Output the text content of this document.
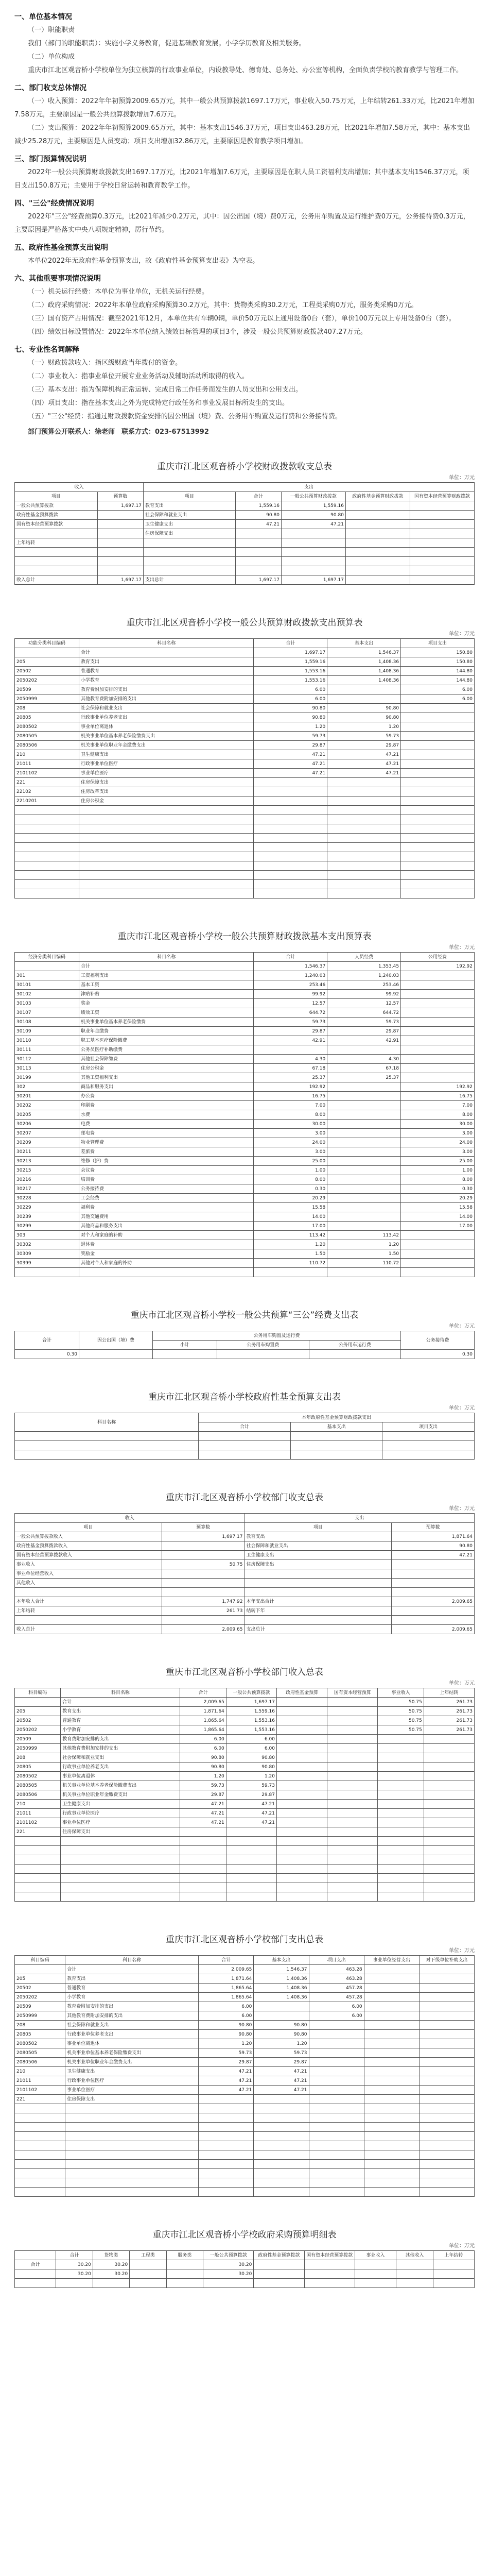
一、单位基本情况

（一）职能职责

我们（部门的职能职责）：实施小学义务教育，促进基础教育发展。小学学历教育及相关服务。

（二）单位构成

重庆市江北区观音桥小学校单位为独立核算的行政事业单位，内设教导处、德育处、总务处、办公室等机构，全面负责学校的教育教学与管理工作。

二、部门收支总体情况

（一）收入预算：2022年年初预算2009.65万元，其中一般公共预算拨款1697.17万元，事业收入50.75万元，上年结转261.33万元，比2021年增加7.58万元，主要原因是一般公共预算拨款增加7.6万元。

（二）支出预算：2022年年初预算2009.65万元，其中：基本支出1546.37万元，项目支出463.28万元，比2021年增加7.58万元，其中：基本支出减少25.28万元，主要原因是人员变动；项目支出增加32.86万元，主要原因是教育教学项目增加。

三、部门预算情况说明

2022年一般公共预算财政拨款支出1697.17万元，比2021年增加7.6万元，主要原因是在职人员工资福利支出增加；其中基本支出1546.37万元，项目支出150.8万元；主要用于学校日常运转和教育教学工作。

四、"三公"经费情况说明

2022年"三公"经费预算0.3万元，比2021年减少0.2万元，其中：因公出国（境）费0万元，公务用车购置及运行维护费0万元，公务接待费0.3万元，主要原因是严格落实中央八项规定精神，厉行节约。

五、政府性基金预算支出说明

本单位2022年无政府性基金预算支出，故《政府性基金预算支出表》为空表。

六、其他重要事项情况说明

（一）机关运行经费：本单位为事业单位，无机关运行经费。

（二）政府采购情况：2022年本单位政府采购预算30.2万元，其中：货物类采购30.2万元，工程类采购0万元，服务类采购0万元。

（三）国有资产占用情况：截至2021年12月，本单位共有车辆0辆，单价50万元以上通用设备0台（套），单价100万元以上专用设备0台（套）。

（四）绩效目标设置情况：2022年本单位纳入绩效目标管理的项目3个，涉及一般公共预算财政拨款407.27万元。

七、专业性名词解释

（一）财政拨款收入：指区级财政当年拨付的资金。

（二）事业收入：指事业单位开展专业业务活动及辅助活动所取得的收入。

（三）基本支出：指为保障机构正常运转、完成日常工作任务而发生的人员支出和公用支出。

（四）项目支出：指在基本支出之外为完成特定行政任务和事业发展目标所发生的支出。

（五）"三公"经费：指通过财政拨款资金安排的因公出国（境）费、公务用车购置及运行费和公务接待费。

部门预算公开联系人：徐老师　联系方式：023-67513992

重庆市江北区观音桥小学校财政拨款收支总表

单位：万元

收入		支出				
项目	预算数	项目	合计	一般公共预算财政拨款	政府性基金预算财政拨款	国有资本经营预算财政拨款
一般公共预算拨款	1,697.17	教育支出	1,559.16	1,559.16		
政府性基金预算拨款		社会保障和就业支出	90.80	90.80		
国有资本经营预算拨款		卫生健康支出	47.21	47.21		
		住房保障支出				
上年结转						

收入总计	1,697.17	支出总计	1,697.17	1,697.17		

重庆市江北区观音桥小学校一般公共预算财政拨款支出预算表

单位：万元

功能分类科目编码	科目名称	合计	基本支出	项目支出
	合计	1,697.17	1,546.37	150.80
205	教育支出	1,559.16	1,408.36	150.80
20502	普通教育	1,553.16	1,408.36	144.80
2050202	小学教育	1,553.16	1,408.36	144.80
20509	教育费附加安排的支出	6.00		6.00
2050999	其他教育费附加安排的支出	6.00		6.00
208	社会保障和就业支出	90.80	90.80	
20805	行政事业单位养老支出	90.80	90.80	
2080502	事业单位离退休	1.20	1.20	
2080505	机关事业单位基本养老保险缴费支出	59.73	59.73	
2080506	机关事业单位职业年金缴费支出	29.87	29.87	
210	卫生健康支出	47.21	47.21	
21011	行政事业单位医疗	47.21	47.21	
2101102	事业单位医疗	47.21	47.21	
221	住房保障支出			
22102	住房改革支出			
2210201	住房公积金			

重庆市江北区观音桥小学校一般公共预算财政拨款基本支出预算表

单位：万元

经济分类科目编码	科目名称	合计	人员经费	公用经费
	合计	1,546.37	1,353.45	192.92
301	工资福利支出	1,240.03	1,240.03	
30101	基本工资	253.46	253.46	
30102	津贴补贴	99.92	99.92	
30103	奖金	12.57	12.57	
30107	绩效工资	644.72	644.72	
30108	机关事业单位基本养老保险缴费	59.73	59.73	
30109	职业年金缴费	29.87	29.87	
30110	职工基本医疗保险缴费	42.91	42.91	
30111	公务员医疗补助缴费			
30112	其他社会保障缴费	4.30	4.30	
30113	住房公积金	67.18	67.18	
30199	其他工资福利支出	25.37	25.37	
302	商品和服务支出	192.92		192.92
30201	办公费	16.75		16.75
30202	印刷费	7.00		7.00
30205	水费	8.00		8.00
30206	电费	30.00		30.00
30207	邮电费	3.00		3.00
30209	物业管理费	24.00		24.00
30211	差旅费	3.00		3.00
30213	维修（护）费	25.00		25.00
30215	会议费	1.00		1.00
30216	培训费	8.00		8.00
30217	公务接待费	0.30		0.30
30228	工会经费	20.29		20.29
30229	福利费	15.58		15.58
30239	其他交通费用	14.00		14.00
30299	其他商品和服务支出	17.00		17.00
303	对个人和家庭的补助	113.42	113.42	
30302	退休费	1.20	1.20	
30309	奖励金	1.50	1.50	
30399	其他对个人和家庭的补助	110.72	110.72	

重庆市江北区观音桥小学校一般公共预算“三公”经费支出表

单位：万元

合计	因公出国（境）费	公务用车购置及运行费			公务接待费
		小计	公务用车购置费	公务用车运行费	
0.30					0.30

重庆市江北区观音桥小学校政府性基金预算支出表

单位：万元

科目名称	本年政府性基金预算财政拨款支出		
	合计	基本支出	项目支出

重庆市江北区观音桥小学校部门收支总表

单位：万元

收入		支出	
项目	预算数	项目	预算数
一般公共预算拨款收入	1,697.17	教育支出	1,871.64
政府性基金预算拨款收入		社会保障和就业支出	90.80
国有资本经营预算拨款收入		卫生健康支出	47.21
事业收入	50.75	住房保障支出	
事业单位经营收入			
其他收入			

本年收入合计	1,747.92	本年支出合计	2,009.65
上年结转	261.73	结转下年	

收入总计	2,009.65	支出总计	2,009.65

重庆市江北区观音桥小学校部门收入总表

单位：万元

科目编码	科目名称	合计	一般公共预算拨款	政府性基金预算	国有资本经营预算	事业收入	上年结转
	合计	2,009.65	1,697.17			50.75	261.73
205	教育支出	1,871.64	1,559.16			50.75	261.73
20502	普通教育	1,865.64	1,553.16			50.75	261.73
2050202	小学教育	1,865.64	1,553.16			50.75	261.73
20509	教育费附加安排的支出	6.00	6.00				
2050999	其他教育费附加安排的支出	6.00	6.00				
208	社会保障和就业支出	90.80	90.80				
20805	行政事业单位养老支出	90.80	90.80				
2080502	事业单位离退休	1.20	1.20				
2080505	机关事业单位基本养老保险缴费支出	59.73	59.73				
2080506	机关事业单位职业年金缴费支出	29.87	29.87				
210	卫生健康支出	47.21	47.21				
21011	行政事业单位医疗	47.21	47.21				
2101102	事业单位医疗	47.21	47.21				
221	住房保障支出						

重庆市江北区观音桥小学校部门支出总表

单位：万元

科目编码	科目名称	合计	基本支出	项目支出	事业单位经营支出	对下级单位补助支出
	合计	2,009.65	1,546.37	463.28		
205	教育支出	1,871.64	1,408.36	463.28		
20502	普通教育	1,865.64	1,408.36	457.28		
2050202	小学教育	1,865.64	1,408.36	457.28		
20509	教育费附加安排的支出	6.00		6.00		
2050999	其他教育费附加安排的支出	6.00		6.00		
208	社会保障和就业支出	90.80	90.80			
20805	行政事业单位养老支出	90.80	90.80			
2080502	事业单位离退休	1.20	1.20			
2080505	机关事业单位基本养老保险缴费支出	59.73	59.73			
2080506	机关事业单位职业年金缴费支出	29.87	29.87			
210	卫生健康支出	47.21	47.21			
21011	行政事业单位医疗	47.21	47.21			
2101102	事业单位医疗	47.21	47.21			
221	住房保障支出					

重庆市江北区观音桥小学校政府采购预算明细表

单位：万元

	合计	货物类	工程类	服务类	一般公共预算拨款	政府性基金预算拨款	国有资本经营预算拨款	事业收入	其他收入	上年结转
合计	30.20	30.20			30.20					
	30.20	30.20			30.20					
